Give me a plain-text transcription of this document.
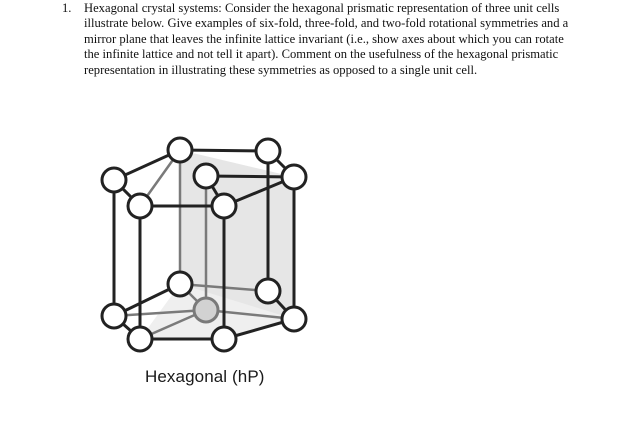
1. Hexagonal crystal systems: Consider the hexagonal prismatic representation of three unit cells illustrate below. Give examples of six-fold, three-fold, and two-fold rotational symmetries and a mirror plane that leaves the infinite lattice invariant (i.e., show axes about which you can rotate the infinite lattice and not tell it apart). Comment on the usefulness of the hexagonal prismatic representation in illustrating these symmetries as opposed to a single unit cell.
Hexagonal (hP)
